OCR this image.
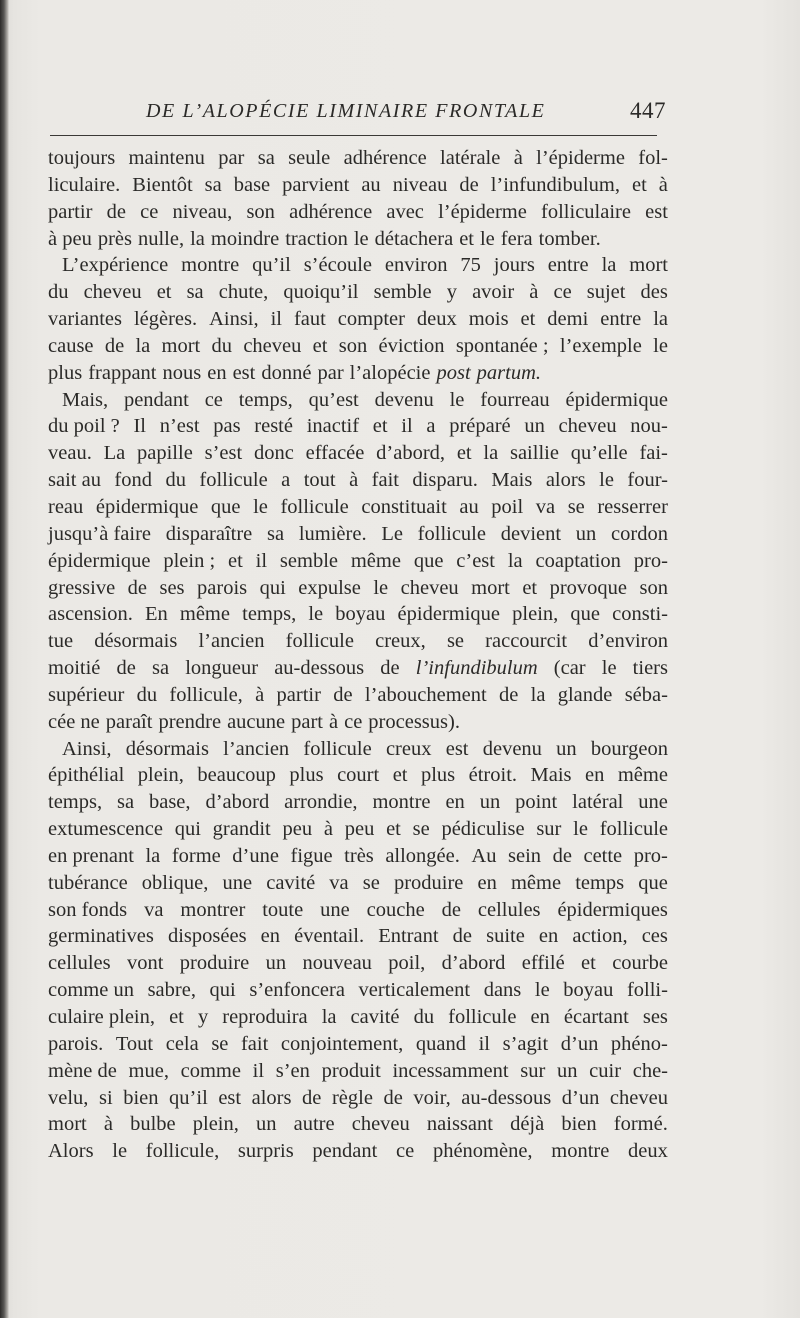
DE L’ALOPÉCIE LIMINAIRE FRONTALE	447
toujours maintenu par sa seule adhérence latérale à l’épiderme fol-
liculaire. Bientôt sa base parvient au niveau de l’infundibulum, et à
partir de ce niveau, son adhérence avec l’épiderme folliculaire est
à peu près nulle, la moindre traction le détachera et le fera tomber.
L’expérience montre qu’il s’écoule environ 75 jours entre la mort
du cheveu et sa chute, quoiqu’il semble y avoir à ce sujet des
variantes légères. Ainsi, il faut compter deux mois et demi entre la
cause de la mort du cheveu et son éviction spontanée ; l’exemple le
plus frappant nous en est donné par l’alopécie post partum.
Mais, pendant ce temps, qu’est devenu le fourreau épidermique
du poil ? Il n’est pas resté inactif et il a préparé un cheveu nou-
veau. La papille s’est donc effacée d’abord, et la saillie qu’elle fai-
sait au fond du follicule a tout à fait disparu. Mais alors le four-
reau épidermique que le follicule constituait au poil va se resserrer
jusqu’à faire disparaître sa lumière. Le follicule devient un cordon
épidermique plein ; et il semble même que c’est la coaptation pro-
gressive de ses parois qui expulse le cheveu mort et provoque son
ascension. En même temps, le boyau épidermique plein, que consti-
tue désormais l’ancien follicule creux, se raccourcit d’environ
moitié de sa longueur au-dessous de l’infundibulum (car le tiers
supérieur du follicule, à partir de l’abouchement de la glande séba-
cée ne paraît prendre aucune part à ce processus).
Ainsi, désormais l’ancien follicule creux est devenu un bourgeon
épithélial plein, beaucoup plus court et plus étroit. Mais en même
temps, sa base, d’abord arrondie, montre en un point latéral une
extumescence qui grandit peu à peu et se pédiculise sur le follicule
en prenant la forme d’une figue très allongée. Au sein de cette pro-
tubérance oblique, une cavité va se produire en même temps que
son fonds va montrer toute une couche de cellules épidermiques
germinatives disposées en éventail. Entrant de suite en action, ces
cellules vont produire un nouveau poil, d’abord effilé et courbe
comme un sabre, qui s’enfoncera verticalement dans le boyau folli-
culaire plein, et y reproduira la cavité du follicule en écartant ses
parois. Tout cela se fait conjointement, quand il s’agit d’un phéno-
mène de mue, comme il s’en produit incessamment sur un cuir che-
velu, si bien qu’il est alors de règle de voir, au-dessous d’un cheveu
mort à bulbe plein, un autre cheveu naissant déjà bien formé.
Alors le follicule, surpris pendant ce phénomène, montre deux
